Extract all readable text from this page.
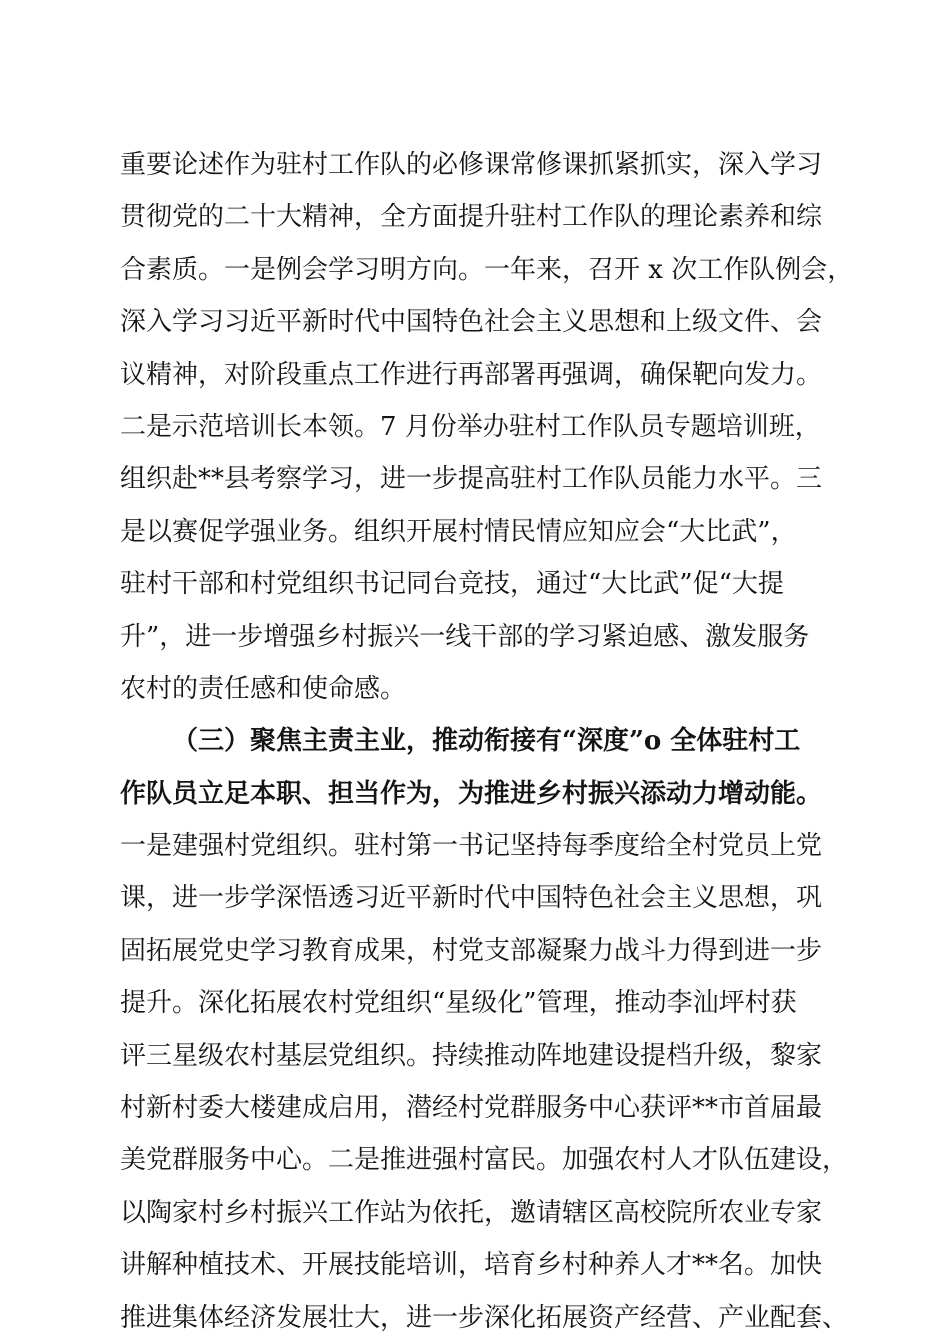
重要论述作为驻村工作队的必修课常修课抓紧抓实，深入学习
贯彻党的二十大精神，全方面提升驻村工作队的理论素养和综
合素质。一是例会学习明方向。一年来，召开 x 次工作队例会，
深入学习习近平新时代中国特色社会主义思想和上级文件、会
议精神，对阶段重点工作进行再部署再强调，确保靶向发力。
二是示范培训长本领。7 月份举办驻村工作队员专题培训班，
组织赴**县考察学习，进一步提高驻村工作队员能力水平。三
是以赛促学强业务。组织开展村情民情应知应会“大比武”，
驻村干部和村党组织书记同台竞技，通过“大比武”促“大提
升”，进一步增强乡村振兴一线干部的学习紧迫感、激发服务
农村的责任感和使命感。
（三）聚焦主责主业，推动衔接有“深度”o 全体驻村工
作队员立足本职、担当作为，为推进乡村振兴添动力增动能。
一是建强村党组织。驻村第一书记坚持每季度给全村党员上党
课，进一步学深悟透习近平新时代中国特色社会主义思想，巩
固拓展党史学习教育成果，村党支部凝聚力战斗力得到进一步
提升。深化拓展农村党组织“星级化”管理，推动李汕坪村获
评三星级农村基层党组织。持续推动阵地建设提档升级，黎家
村新村委大楼建成启用，潜经村党群服务中心获评**市首届最
美党群服务中心。二是推进强村富民。加强农村人才队伍建设，
以陶家村乡村振兴工作站为依托，邀请辖区高校院所农业专家
讲解种植技术、开展技能培训，培育乡村种养人才**名。加快
推进集体经济发展壮大，进一步深化拓展资产经营、产业配套、
